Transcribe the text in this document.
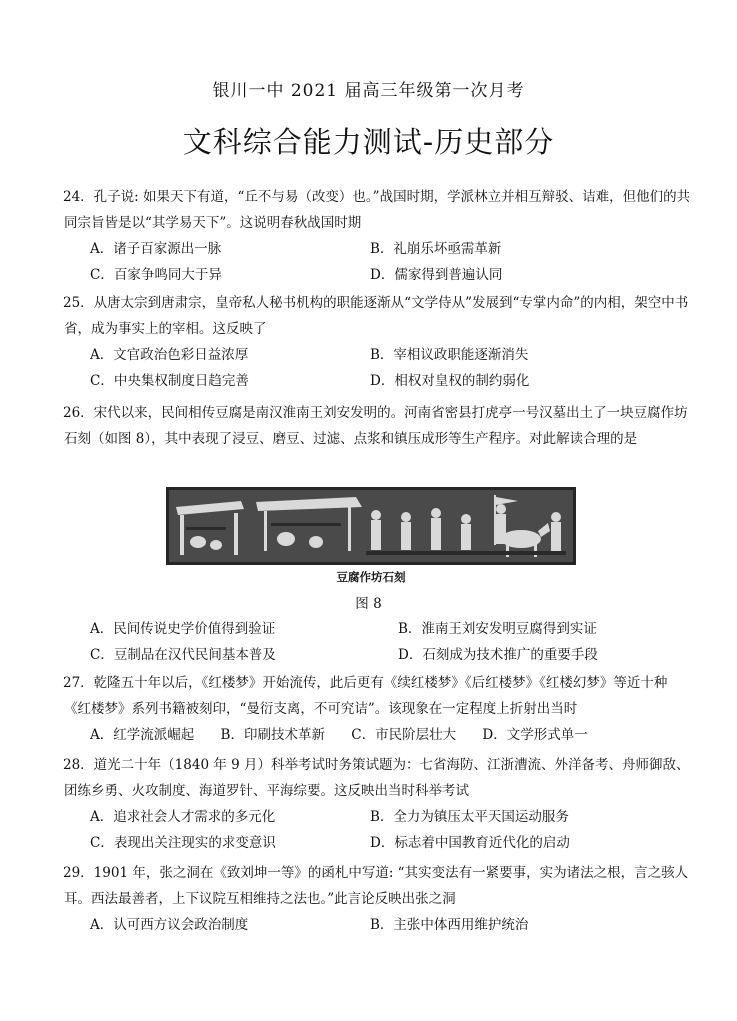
银川一中 2021 届高三年级第一次月考
文科综合能力测试-历史部分
24．孔子说: 如果天下有道，“丘不与易（改变）也。”战国时期，学派林立并相互辩驳、诘难，但他们的共同宗旨皆是以“其学易天下”。这说明春秋战国时期
A．诸子百家源出一脉	B．礼崩乐坏亟需革新
C．百家争鸣同大于异	D．儒家得到普遍认同
25．从唐太宗到唐肃宗，皇帝私人秘书机构的职能逐渐从“文学侍从”发展到“专掌内命”的内相，架空中书省，成为事实上的宰相。这反映了
A．文官政治色彩日益浓厚	B．宰相议政职能逐渐消失
C．中央集权制度日趋完善	D．相权对皇权的制约弱化
26．宋代以来，民间相传豆腐是南汉淮南王刘安发明的。河南省密县打虎亭一号汉墓出土了一块豆腐作坊石刻（如图 8），其中表现了浸豆、磨豆、过滤、点浆和镇压成形等生产程序。对此解读合理的是
豆腐作坊石刻
图 8
A．民间传说史学价值得到验证	B．淮南王刘安发明豆腐得到实证
C．豆制品在汉代民间基本普及	D．石刻成为技术推广的重要手段
27．乾隆五十年以后，《红楼梦》开始流传，此后更有《续红楼梦》《后红楼梦》《红楼幻梦》等近十种《红楼梦》系列书籍被刻印，“曼衍支离，不可究诘”。该现象在一定程度上折射出当时
A．红学流派崛起 B．印刷技术革新 C．市民阶层壮大 D．文学形式单一
28．道光二十年（1840 年 9 月）科举考试时务策试题为：七省海防、江浙漕流、外洋备考、舟师御敌、团练乡勇、火攻制度、海道罗针、平海综要。这反映出当时科举考试
A．追求社会人才需求的多元化	B．全力为镇压太平天国运动服务
C．表现出关注现实的求变意识	D．标志着中国教育近代化的启动
29．1901 年，张之洞在《致刘坤一等》的函札中写道: “其实变法有一紧要事，实为诸法之根，言之骇人耳。西法最善者，上下议院互相维持之法也。”此言论反映出张之洞
A．认可西方议会政治制度	B．主张中体西用维护统治
